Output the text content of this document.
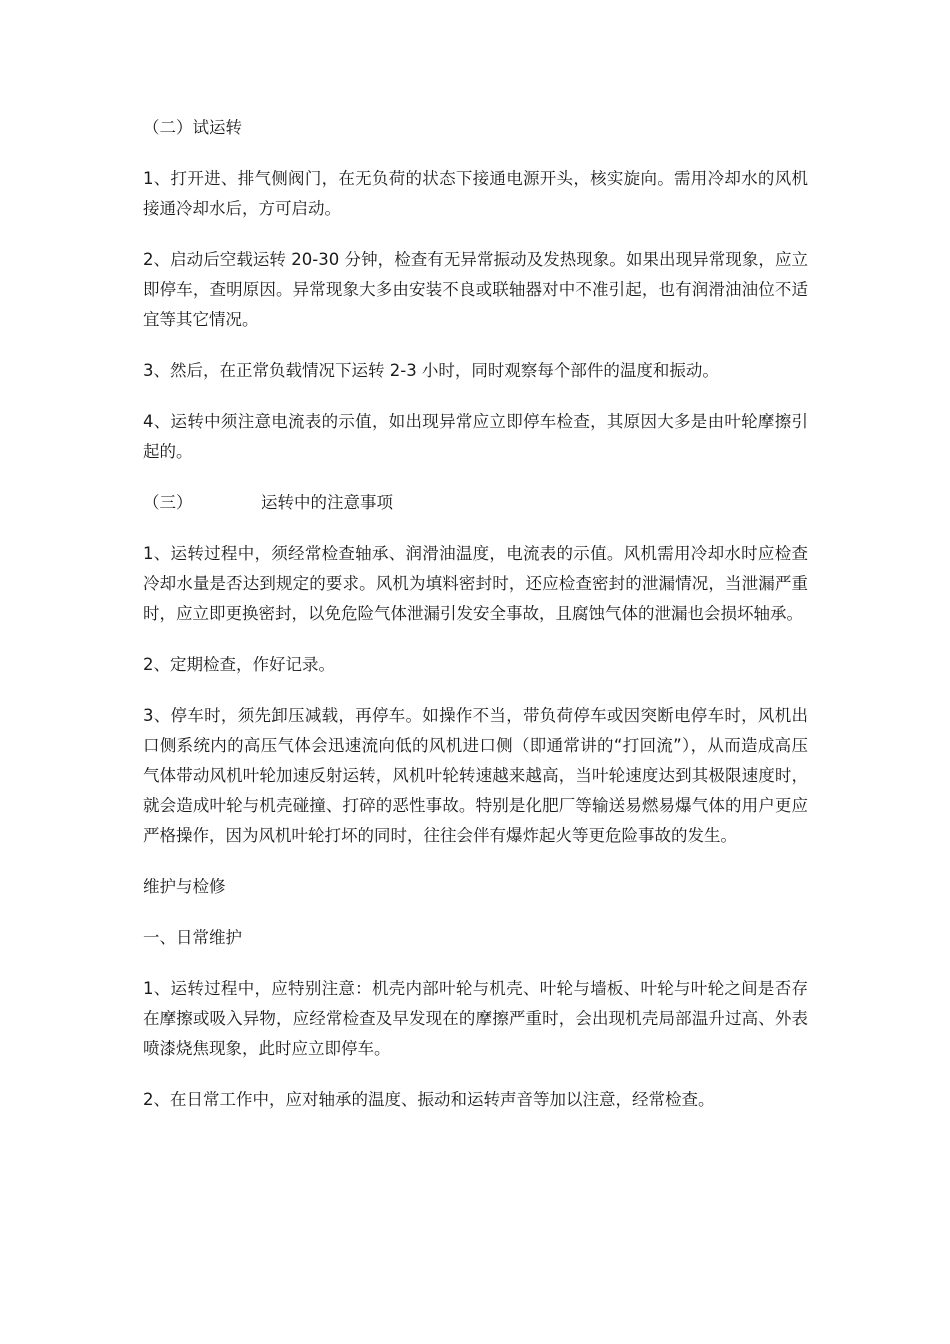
（二）试运转

1、打开进、排气侧阀门，在无负荷的状态下接通电源开头，核实旋向。需用冷却水的风机接通冷却水后，方可启动。

2、启动后空载运转 20-30 分钟，检查有无异常振动及发热现象。如果出现异常现象，应立即停车，查明原因。异常现象大多由安装不良或联轴器对中不准引起，也有润滑油油位不适宜等其它情况。

3、然后，在正常负载情况下运转 2-3 小时，同时观察每个部件的温度和振动。

4、运转中须注意电流表的示值，如出现异常应立即停车检查，其原因大多是由叶轮摩擦引起的。

（三）	运转中的注意事项

1、运转过程中，须经常检查轴承、润滑油温度，电流表的示值。风机需用冷却水时应检查冷却水量是否达到规定的要求。风机为填料密封时，还应检查密封的泄漏情况，当泄漏严重时，应立即更换密封，以免危险气体泄漏引发安全事故，且腐蚀气体的泄漏也会损坏轴承。

2、定期检查，作好记录。

3、停车时，须先卸压减载，再停车。如操作不当，带负荷停车或因突断电停车时，风机出口侧系统内的高压气体会迅速流向低的风机进口侧（即通常讲的“打回流”），从而造成高压气体带动风机叶轮加速反射运转，风机叶轮转速越来越高，当叶轮速度达到其极限速度时，就会造成叶轮与机壳碰撞、打碎的恶性事故。特别是化肥厂等输送易燃易爆气体的用户更应严格操作，因为风机叶轮打坏的同时，往往会伴有爆炸起火等更危险事故的发生。

维护与检修

一、日常维护

1、运转过程中，应特别注意：机壳内部叶轮与机壳、叶轮与墙板、叶轮与叶轮之间是否存在摩擦或吸入异物，应经常检查及早发现在的摩擦严重时，会出现机壳局部温升过高、外表喷漆烧焦现象，此时应立即停车。

2、在日常工作中，应对轴承的温度、振动和运转声音等加以注意，经常检查。
